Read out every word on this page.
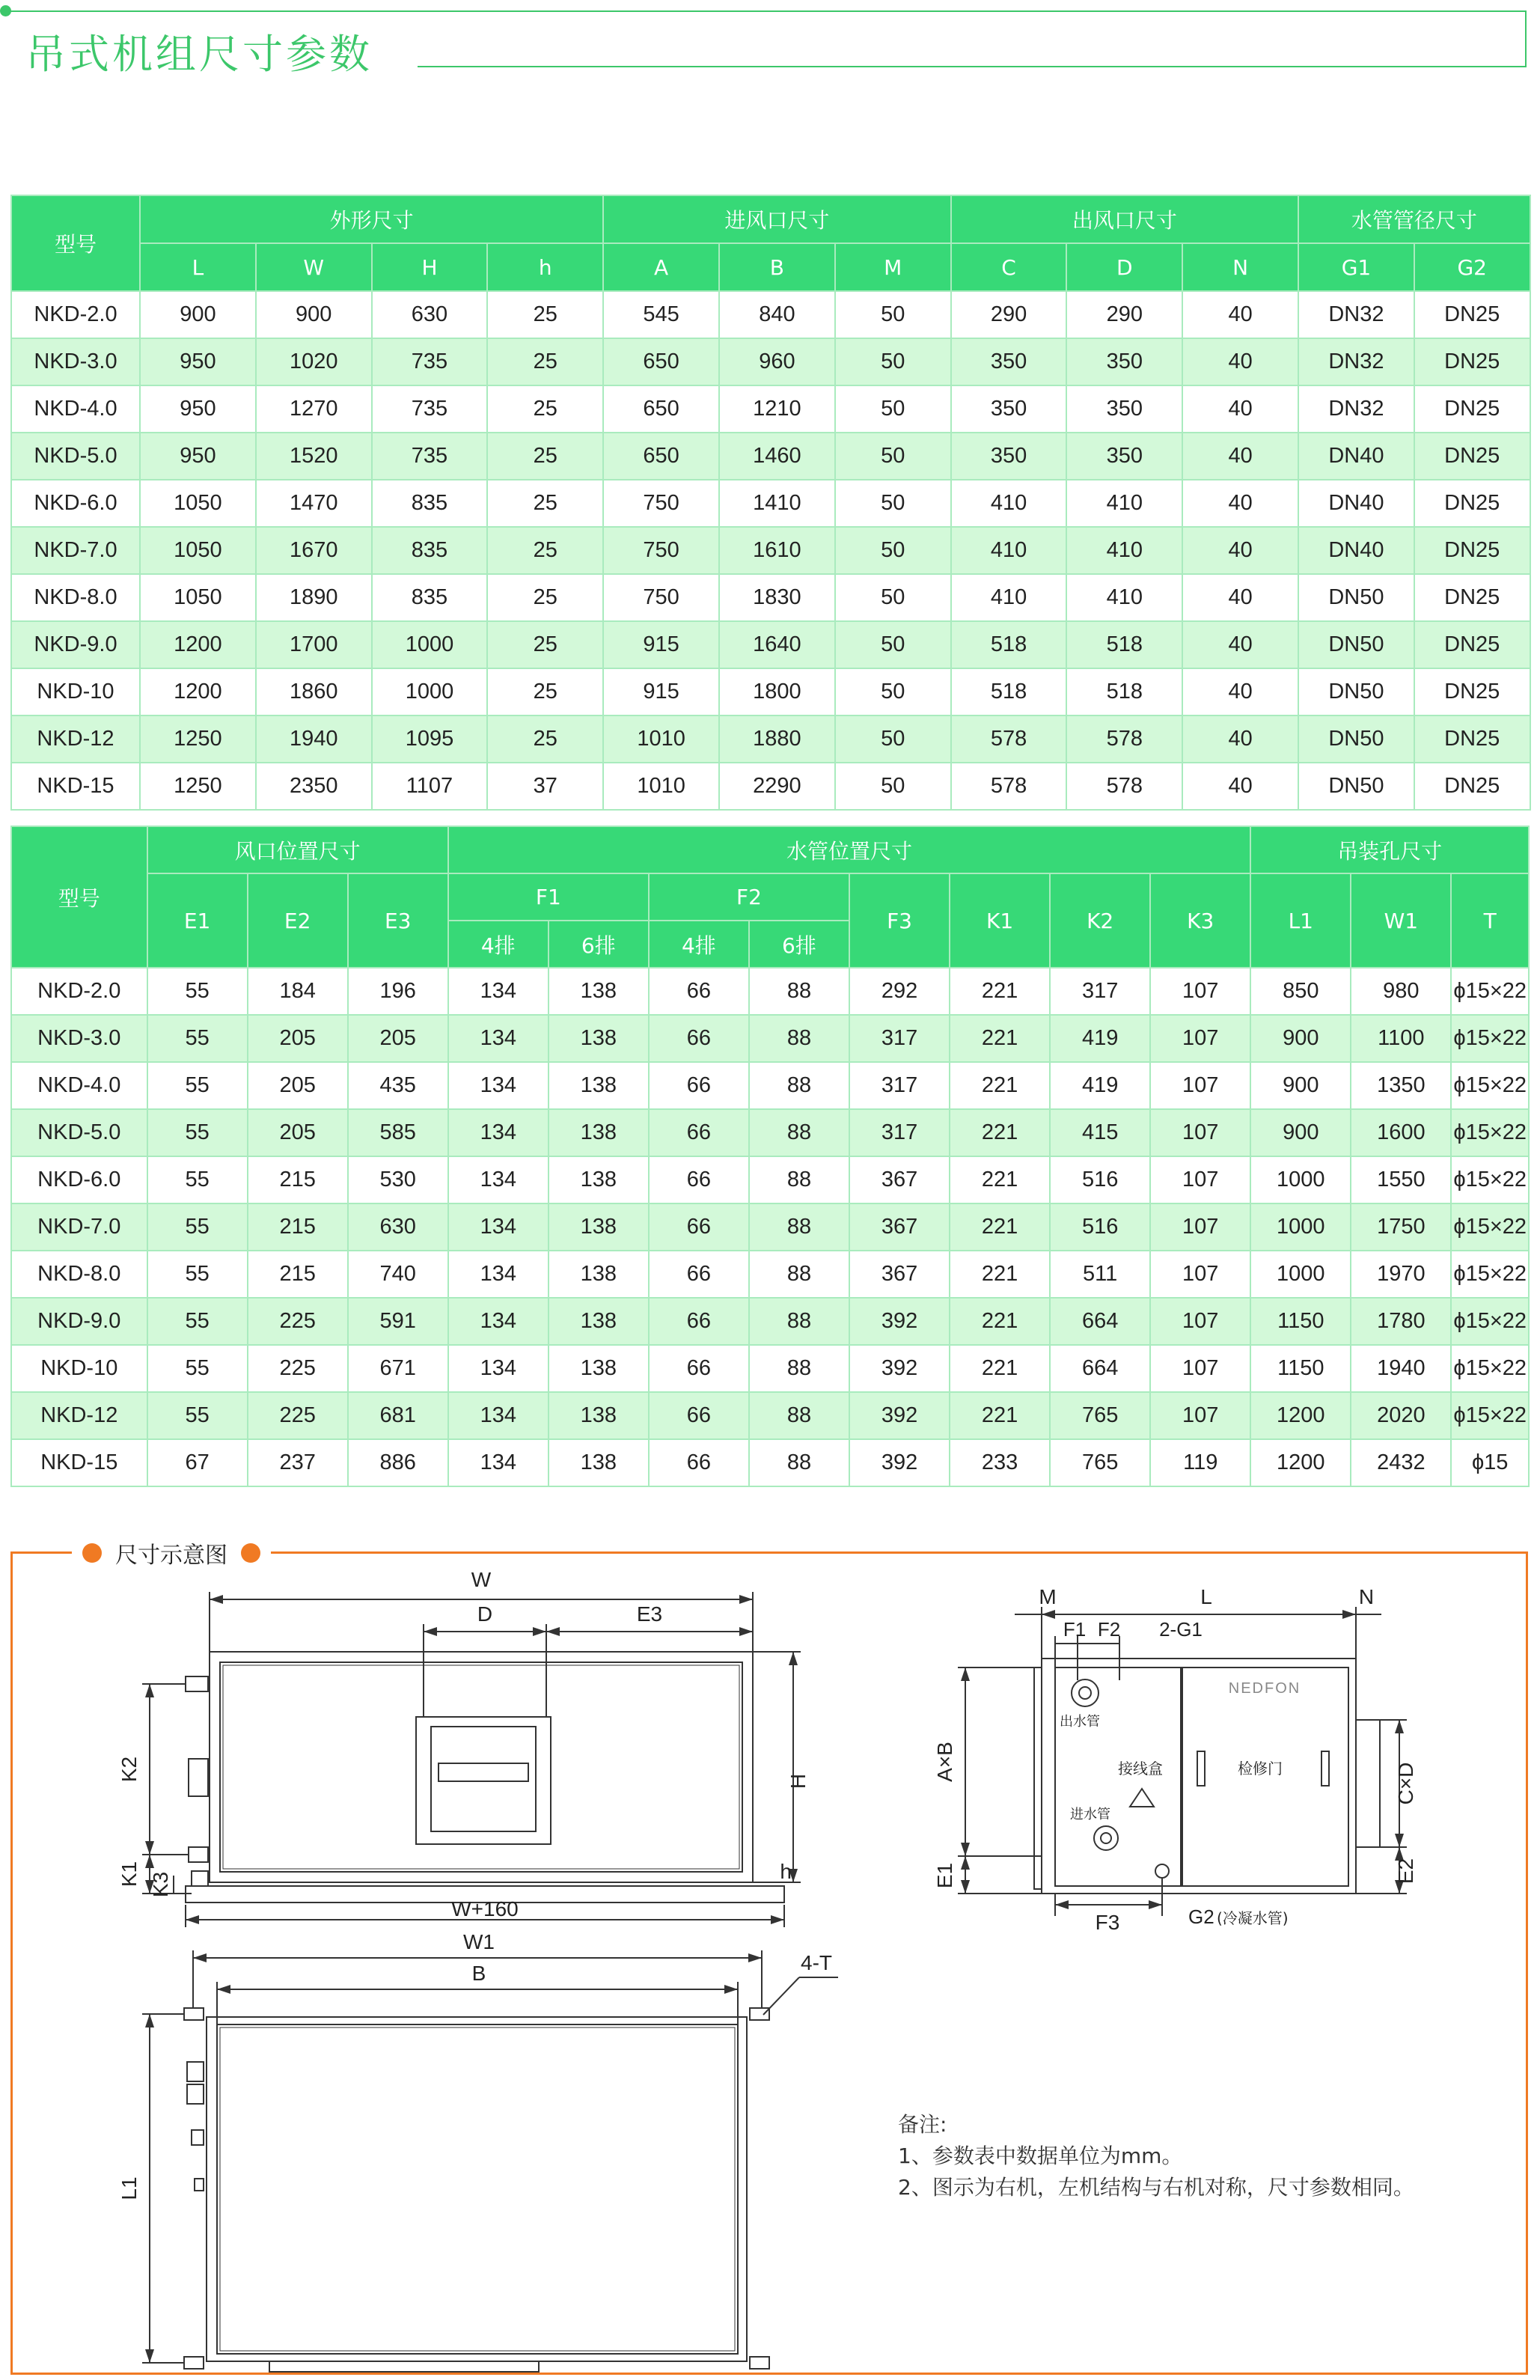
吊式机组尺寸参数
型号	外形尺寸				进风口尺寸			出风口尺寸			水管管径尺寸	
	L	W	H	h	A	B	M	C	D	N	G1	G2
NKD-2.0	900	900	630	25	545	840	50	290	290	40	DN32	DN25
NKD-3.0	950	1020	735	25	650	960	50	350	350	40	DN32	DN25
NKD-4.0	950	1270	735	25	650	1210	50	350	350	40	DN32	DN25
NKD-5.0	950	1520	735	25	650	1460	50	350	350	40	DN40	DN25
NKD-6.0	1050	1470	835	25	750	1410	50	410	410	40	DN40	DN25
NKD-7.0	1050	1670	835	25	750	1610	50	410	410	40	DN40	DN25
NKD-8.0	1050	1890	835	25	750	1830	50	410	410	40	DN50	DN25
NKD-9.0	1200	1700	1000	25	915	1640	50	518	518	40	DN50	DN25
NKD-10	1200	1860	1000	25	915	1800	50	518	518	40	DN50	DN25
NKD-12	1250	1940	1095	25	1010	1880	50	578	578	40	DN50	DN25
NKD-15	1250	2350	1107	37	1010	2290	50	578	578	40	DN50	DN25
型号	风口位置尺寸			水管位置尺寸								吊装孔尺寸		
	E1	E2	E3	F1		F2		F3	K1	K2	K3	L1	W1	T
				4排	6排	4排	6排							
NKD-2.0	55	184	196	134	138	66	88	292	221	317	107	850	980	ϕ15×22
NKD-3.0	55	205	205	134	138	66	88	317	221	419	107	900	1100	ϕ15×22
NKD-4.0	55	205	435	134	138	66	88	317	221	419	107	900	1350	ϕ15×22
NKD-5.0	55	205	585	134	138	66	88	317	221	415	107	900	1600	ϕ15×22
NKD-6.0	55	215	530	134	138	66	88	367	221	516	107	1000	1550	ϕ15×22
NKD-7.0	55	215	630	134	138	66	88	367	221	516	107	1000	1750	ϕ15×22
NKD-8.0	55	215	740	134	138	66	88	367	221	511	107	1000	1970	ϕ15×22
NKD-9.0	55	225	591	134	138	66	88	392	221	664	107	1150	1780	ϕ15×22
NKD-10	55	225	671	134	138	66	88	392	221	664	107	1150	1940	ϕ15×22
NKD-12	55	225	681	134	138	66	88	392	221	765	107	1200	2020	ϕ15×22
NKD-15	67	237	886	134	138	66	88	392	233	765	119	1200	2432	ϕ15
尺寸示意图
W
D	E3
H
h
K2
K1 K3
W+160
M	L	N
F1 F2 2-G1
A×B
E1
C×D
E2
F3	G2 (冷凝水管)
出水管
进水管
接线盒	检修门
NEDFON
W1
B	4-T
L1
备注:
1、参数表中数据单位为mm。
2、图示为右机，左机结构与右机对称，尺寸参数相同。
